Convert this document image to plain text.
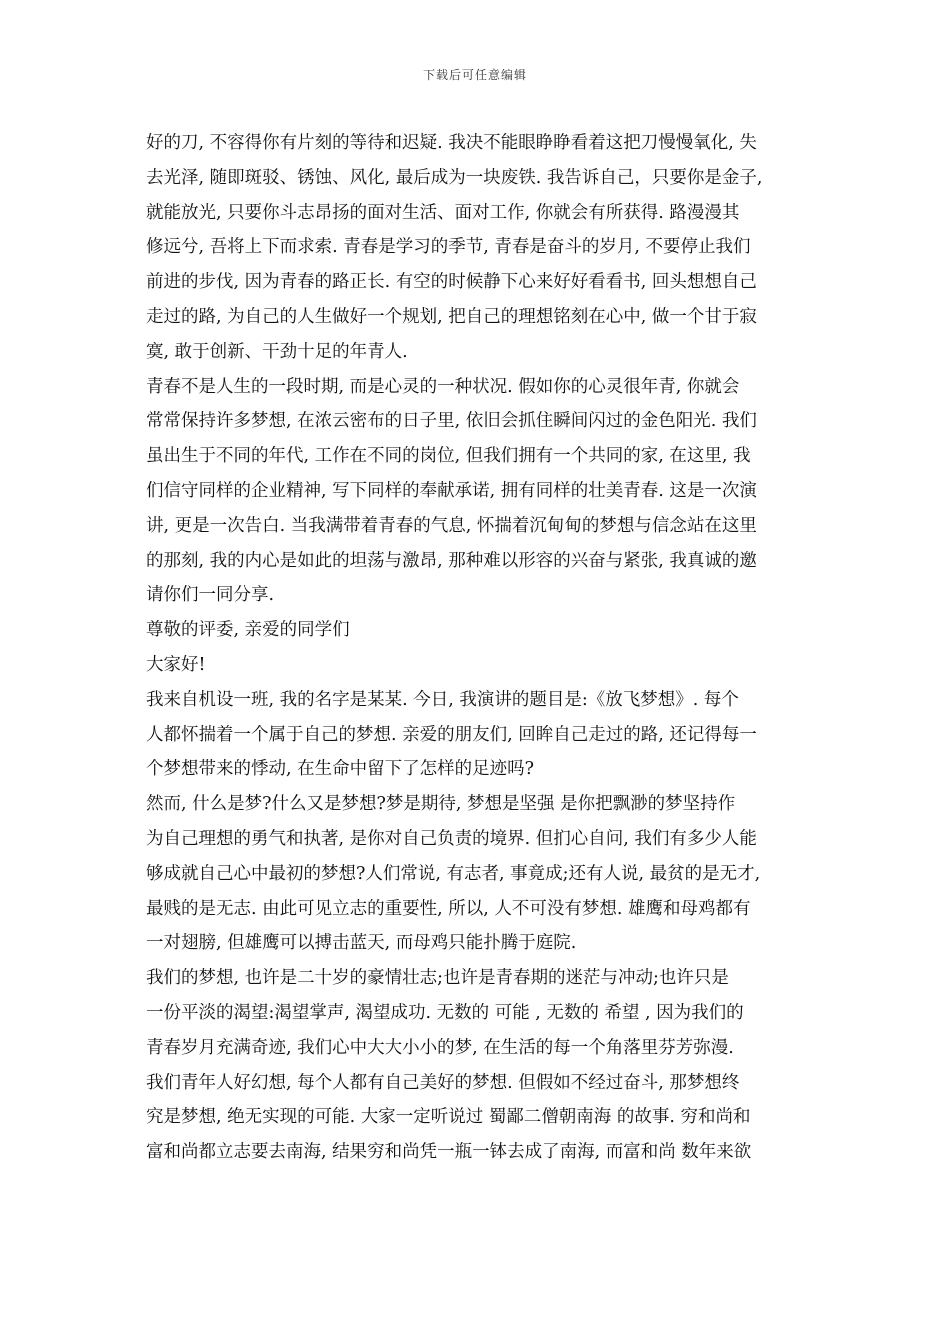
下载后可任意编辑
好的刀, 不容得你有片刻的等待和迟疑. 我决不能眼睁睁看着这把刀慢慢氧化, 失
去光泽, 随即斑驳、锈蚀、风化, 最后成为一块废铁. 我告诉自己，只要你是金子,
就能放光, 只要你斗志昂扬的面对生活、面对工作, 你就会有所获得. 路漫漫其
修远兮, 吾将上下而求索. 青春是学习的季节, 青春是奋斗的岁月, 不要停止我们
前进的步伐, 因为青春的路正长. 有空的时候静下心来好好看看书, 回头想想自己
走过的路, 为自己的人生做好一个规划, 把自己的理想铭刻在心中, 做一个甘于寂
寞, 敢于创新、干劲十足的年青人.
青春不是人生的一段时期, 而是心灵的一种状况. 假如你的心灵很年青, 你就会
常常保持许多梦想, 在浓云密布的日子里, 依旧会抓住瞬间闪过的金色阳光. 我们
虽出生于不同的年代, 工作在不同的岗位, 但我们拥有一个共同的家, 在这里, 我
们信守同样的企业精神, 写下同样的奉献承诺, 拥有同样的壮美青春. 这是一次演
讲, 更是一次告白. 当我满带着青春的气息, 怀揣着沉甸甸的梦想与信念站在这里
的那刻, 我的内心是如此的坦荡与激昂, 那种难以形容的兴奋与紧张, 我真诚的邀
请你们一同分享.
尊敬的评委, 亲爱的同学们
大家好!
我来自机设一班, 我的名字是某某. 今日, 我演讲的题目是:《放飞梦想》. 每个
人都怀揣着一个属于自己的梦想. 亲爱的朋友们, 回眸自己走过的路, 还记得每一
个梦想带来的悸动, 在生命中留下了怎样的足迹吗?
然而, 什么是梦?什么又是梦想?梦是期待, 梦想是坚强 是你把飘渺的梦坚持作
为自己理想的勇气和执著, 是你对自己负责的境界. 但扪心自问, 我们有多少人能
够成就自己心中最初的梦想?人们常说, 有志者, 事竟成;还有人说, 最贫的是无才,
最贱的是无志. 由此可见立志的重要性, 所以, 人不可没有梦想. 雄鹰和母鸡都有
一对翅膀, 但雄鹰可以搏击蓝天, 而母鸡只能扑腾于庭院.
我们的梦想, 也许是二十岁的豪情壮志;也许是青春期的迷茫与冲动;也许只是
一份平淡的渴望:渴望掌声, 渴望成功. 无数的 可能 , 无数的 希望 , 因为我们的
青春岁月充满奇迹, 我们心中大大小小的梦, 在生活的每一个角落里芬芳弥漫.
我们青年人好幻想, 每个人都有自己美好的梦想. 但假如不经过奋斗, 那梦想终
究是梦想, 绝无实现的可能. 大家一定听说过 蜀鄙二僧朝南海 的故事. 穷和尚和
富和尚都立志要去南海, 结果穷和尚凭一瓶一钵去成了南海, 而富和尚 数年来欲
